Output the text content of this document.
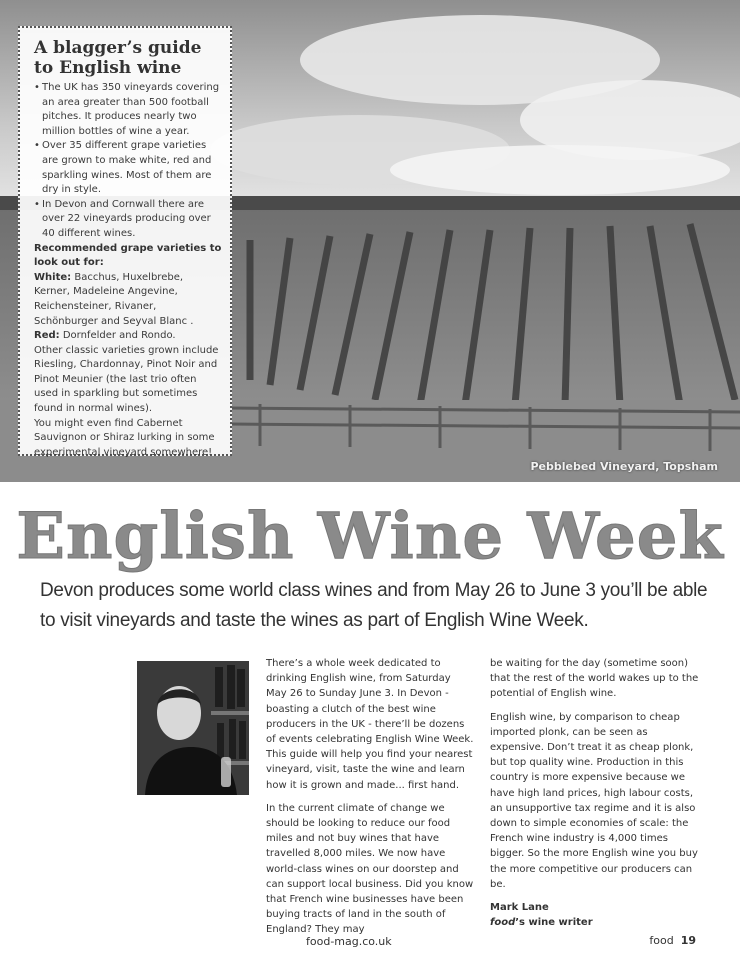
Pebblebed Vineyard, Topsham
A blagger’s guide
to English wine
• The UK has 350 vineyards covering an area greater than 500 football pitches. It produces nearly two million bottles of wine a year.
• Over 35 different grape varieties are grown to make white, red and sparkling wines. Most of them are dry in style.
• In Devon and Cornwall there are over 22 vineyards producing over 40 different wines.

Recommended grape varieties to look out for:

White: Bacchus, Huxelbrebe, Kerner, Madeleine Angevine, Reichensteiner, Rivaner, Schönburger and Seyval Blanc .

Red: Dornfelder and Rondo.

Other classic varieties grown include Riesling, Chardonnay, Pinot Noir and Pinot Meunier (the last trio often used in sparkling but sometimes found in normal wines).

You might even find Cabernet Sauvignon or Shiraz lurking in some experimental vineyard somewhere!

English Wine Week
Devon produces some world class wines and from May 26 to June 3 you’ll be able to visit vineyards and taste the wines as part of English Wine Week.

There’s a whole week dedicated to drinking English wine, from Saturday May 26 to Sunday June 3. In Devon - boasting a clutch of the best wine producers in the UK - there’ll be dozens of events celebrating English Wine Week. This guide will help you find your nearest vineyard, visit, taste the wine and learn how it is grown and made... first hand.

In the current climate of change we should be looking to reduce our food miles and not buy wines that have travelled 8,000 miles. We now have world-class wines on our doorstep and can support local business. Did you know that French wine businesses have been buying tracts of land in the south of England? They may

be waiting for the day (sometime soon) that the rest of the world wakes up to the potential of English wine.

English wine, by comparison to cheap imported plonk, can be seen as expensive. Don’t treat it as cheap plonk, but top quality wine. Production in this country is more expensive because we have high land prices, high labour costs, an unsupportive tax regime and it is also down to simple economies of scale: the French wine industry is 4,000 times bigger. So the more English wine you buy the more competitive our producers can be.

Mark Lane
food’s wine writer
food-mag.co.uk	food 19
